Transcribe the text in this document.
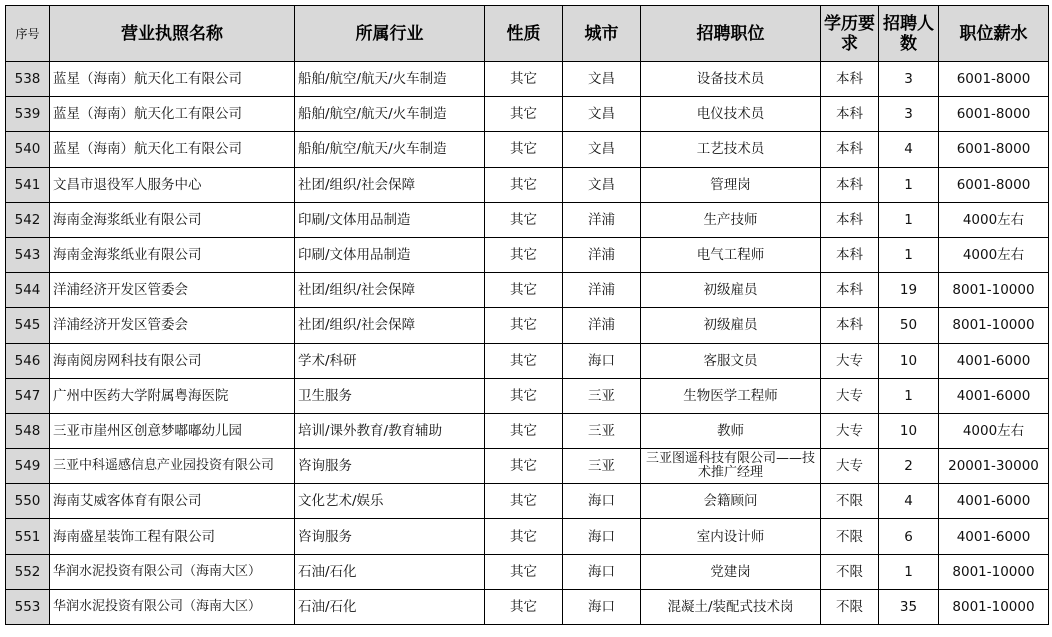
序号	营业执照名称	所属行业	性质	城市	招聘职位	学历要求	招聘人数	职位薪水
538	蓝星（海南）航天化工有限公司	船舶/航空/航天/火车制造	其它	文昌	设备技术员	本科	3	6001-8000
539	蓝星（海南）航天化工有限公司	船舶/航空/航天/火车制造	其它	文昌	电仪技术员	本科	3	6001-8000
540	蓝星（海南）航天化工有限公司	船舶/航空/航天/火车制造	其它	文昌	工艺技术员	本科	4	6001-8000
541	文昌市退役军人服务中心	社团/组织/社会保障	其它	文昌	管理岗	本科	1	6001-8000
542	海南金海浆纸业有限公司	印刷/文体用品制造	其它	洋浦	生产技师	本科	1	4000左右
543	海南金海浆纸业有限公司	印刷/文体用品制造	其它	洋浦	电气工程师	本科	1	4000左右
544	洋浦经济开发区管委会	社团/组织/社会保障	其它	洋浦	初级雇员	本科	19	8001-10000
545	洋浦经济开发区管委会	社团/组织/社会保障	其它	洋浦	初级雇员	本科	50	8001-10000
546	海南阅房网科技有限公司	学术/科研	其它	海口	客服文员	大专	10	4001-6000
547	广州中医药大学附属粤海医院	卫生服务	其它	三亚	生物医学工程师	大专	1	4001-6000
548	三亚市崖州区创意梦嘟嘟幼儿园	培训/课外教育/教育辅助	其它	三亚	教师	大专	10	4000左右
549	三亚中科遥感信息产业园投资有限公司	咨询服务	其它	三亚	三亚图遥科技有限公司——技术推广经理	大专	2	20001-30000
550	海南艾威客体育有限公司	文化艺术/娱乐	其它	海口	会籍顾问	不限	4	4001-6000
551	海南盛星装饰工程有限公司	咨询服务	其它	海口	室内设计师	不限	6	4001-6000
552	华润水泥投资有限公司（海南大区）	石油/石化	其它	海口	党建岗	不限	1	8001-10000
553	华润水泥投资有限公司（海南大区）	石油/石化	其它	海口	混凝土/装配式技术岗	不限	35	8001-10000
